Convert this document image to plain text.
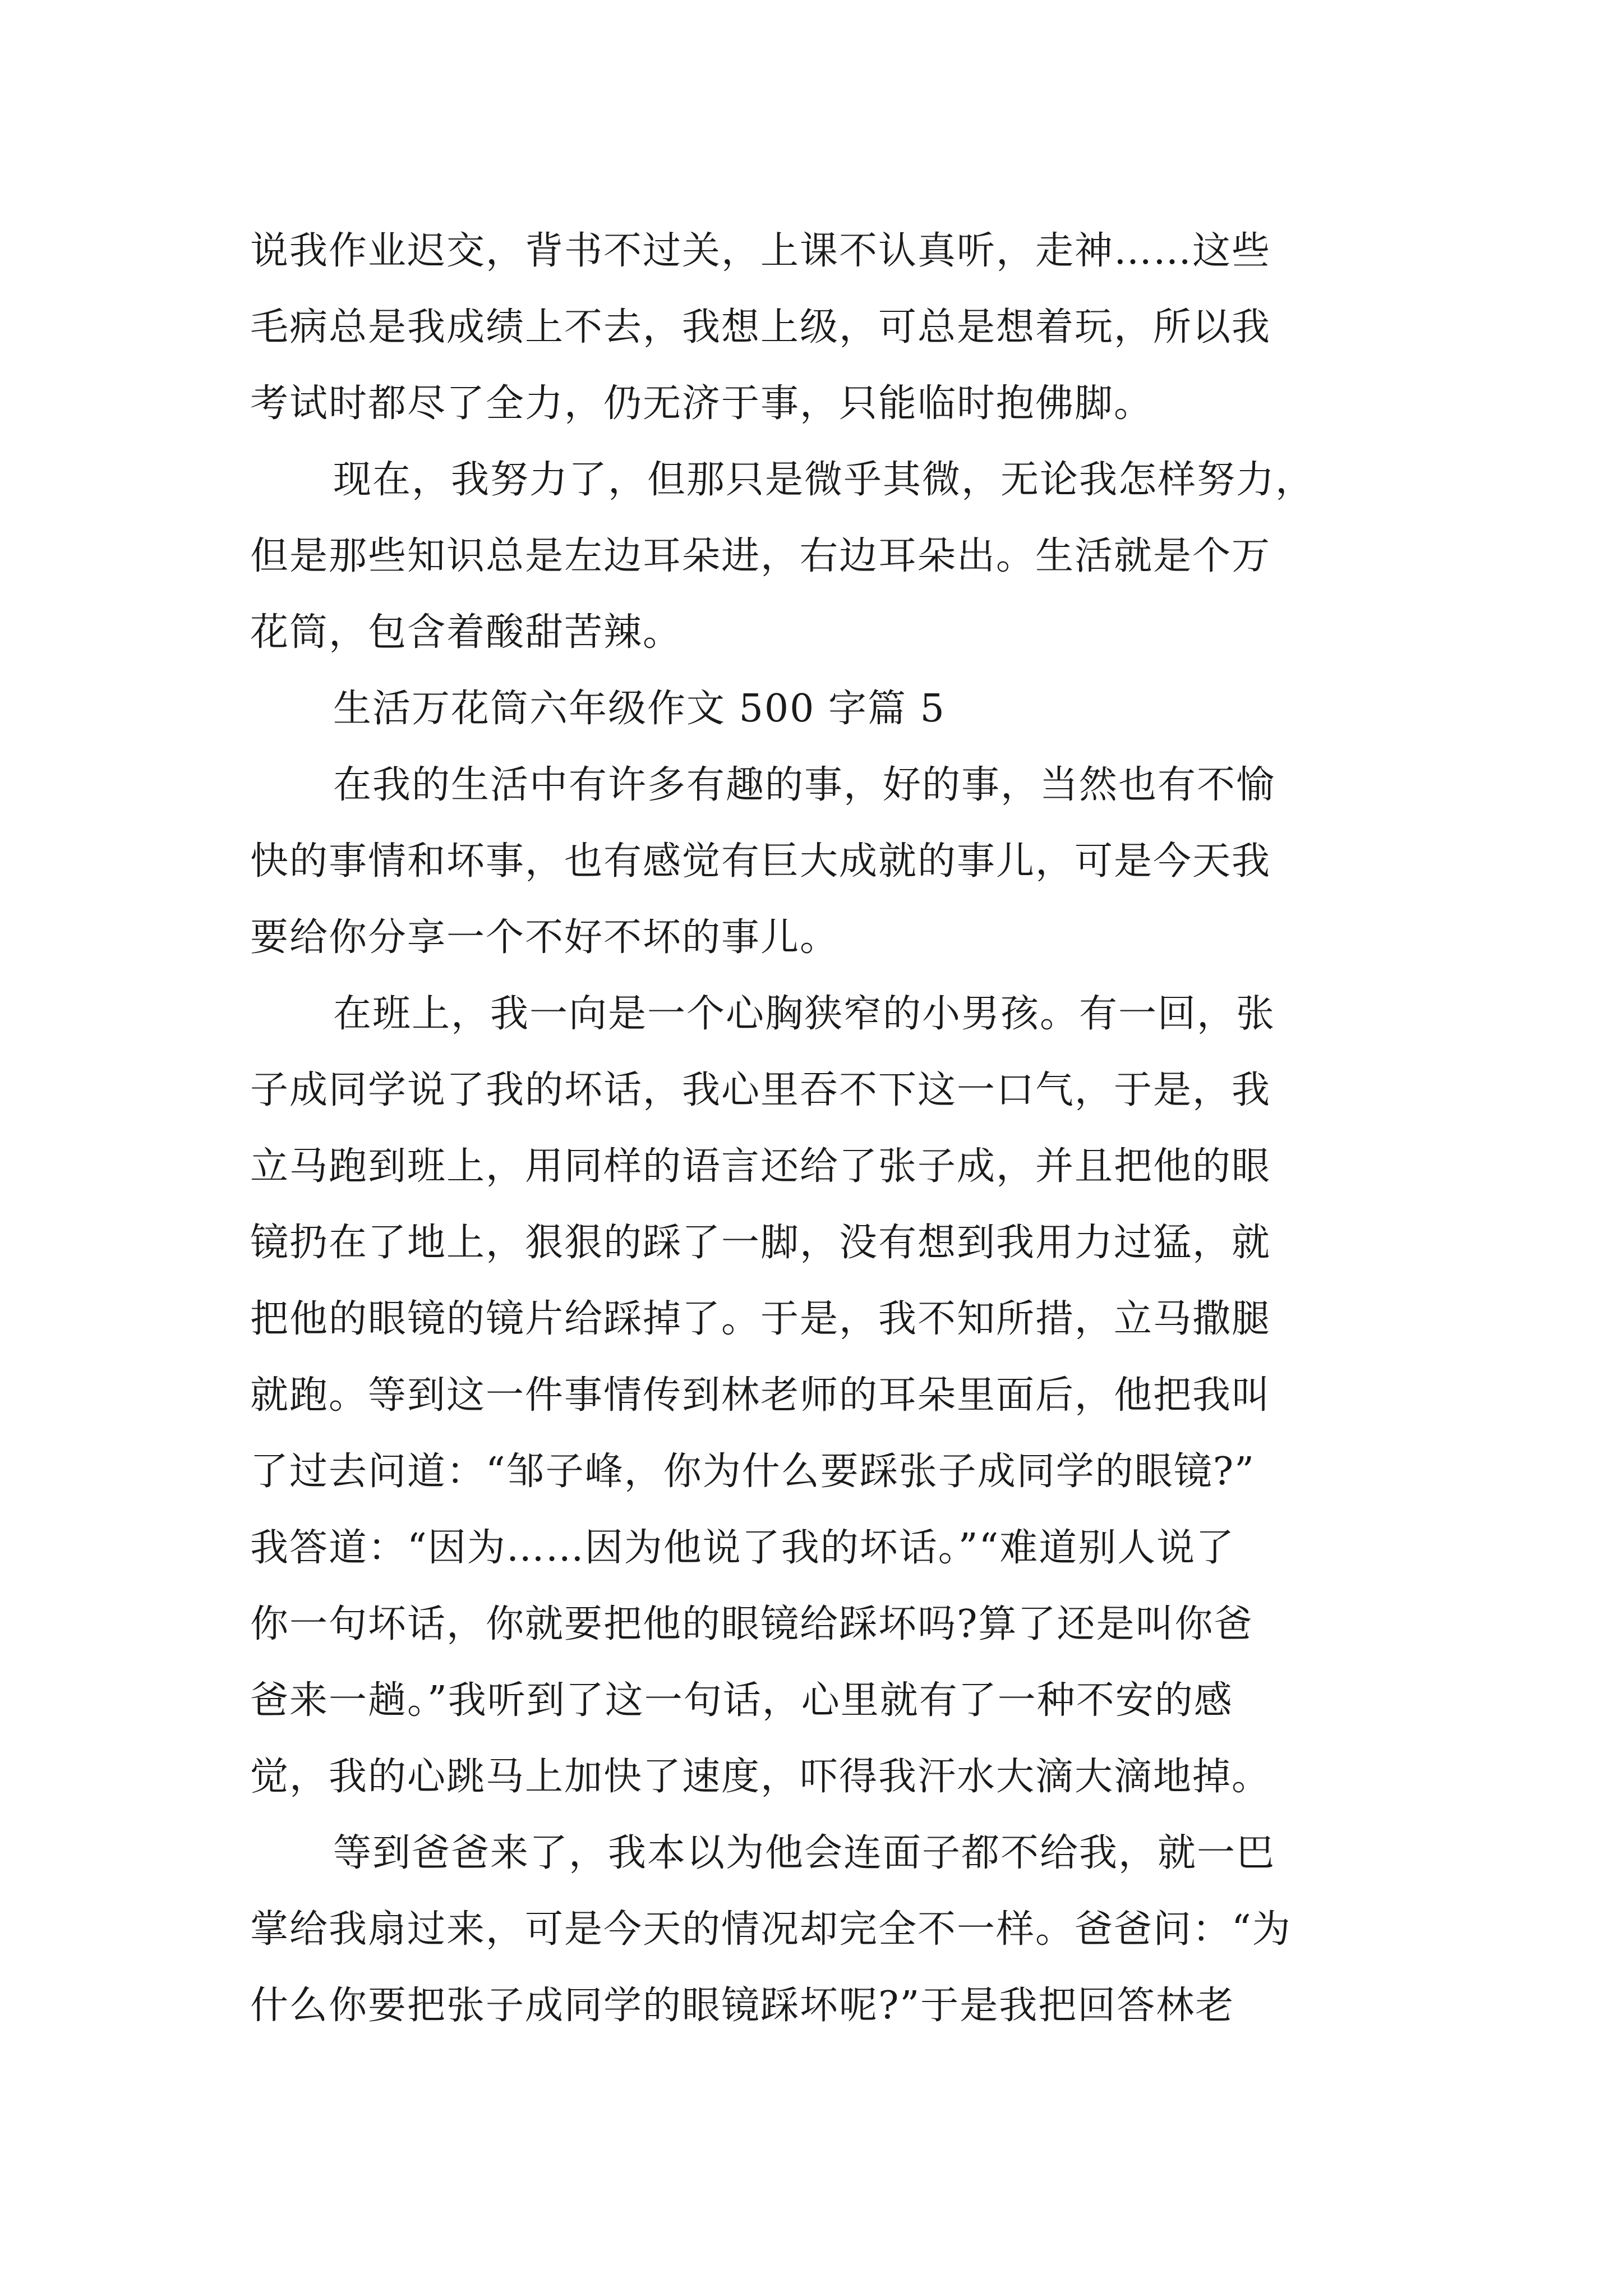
说我作业迟交，背书不过关，上课不认真听，走神……这些
毛病总是我成绩上不去，我想上级，可总是想着玩，所以我
考试时都尽了全力，仍无济于事，只能临时抱佛脚。
现在，我努力了，但那只是微乎其微，无论我怎样努力，
但是那些知识总是左边耳朵进，右边耳朵出。生活就是个万
花筒，包含着酸甜苦辣。
生活万花筒六年级作文 500 字篇 5
在我的生活中有许多有趣的事，好的事，当然也有不愉
快的事情和坏事，也有感觉有巨大成就的事儿，可是今天我
要给你分享一个不好不坏的事儿。
在班上，我一向是一个心胸狭窄的小男孩。有一回，张
子成同学说了我的坏话，我心里吞不下这一口气，于是，我
立马跑到班上，用同样的语言还给了张子成，并且把他的眼
镜扔在了地上，狠狠的踩了一脚，没有想到我用力过猛，就
把他的眼镜的镜片给踩掉了。于是，我不知所措，立马撒腿
就跑。等到这一件事情传到林老师的耳朵里面后，他把我叫
了过去问道：“邹子峰，你为什么要踩张子成同学的眼镜?”
我答道：“因为……因为他说了我的坏话。”“难道别人说了
你一句坏话，你就要把他的眼镜给踩坏吗?算了还是叫你爸
爸来一趟。”我听到了这一句话，心里就有了一种不安的感
觉，我的心跳马上加快了速度，吓得我汗水大滴大滴地掉。
等到爸爸来了，我本以为他会连面子都不给我，就一巴
掌给我扇过来，可是今天的情况却完全不一样。爸爸问：“为
什么你要把张子成同学的眼镜踩坏呢?”于是我把回答林老
